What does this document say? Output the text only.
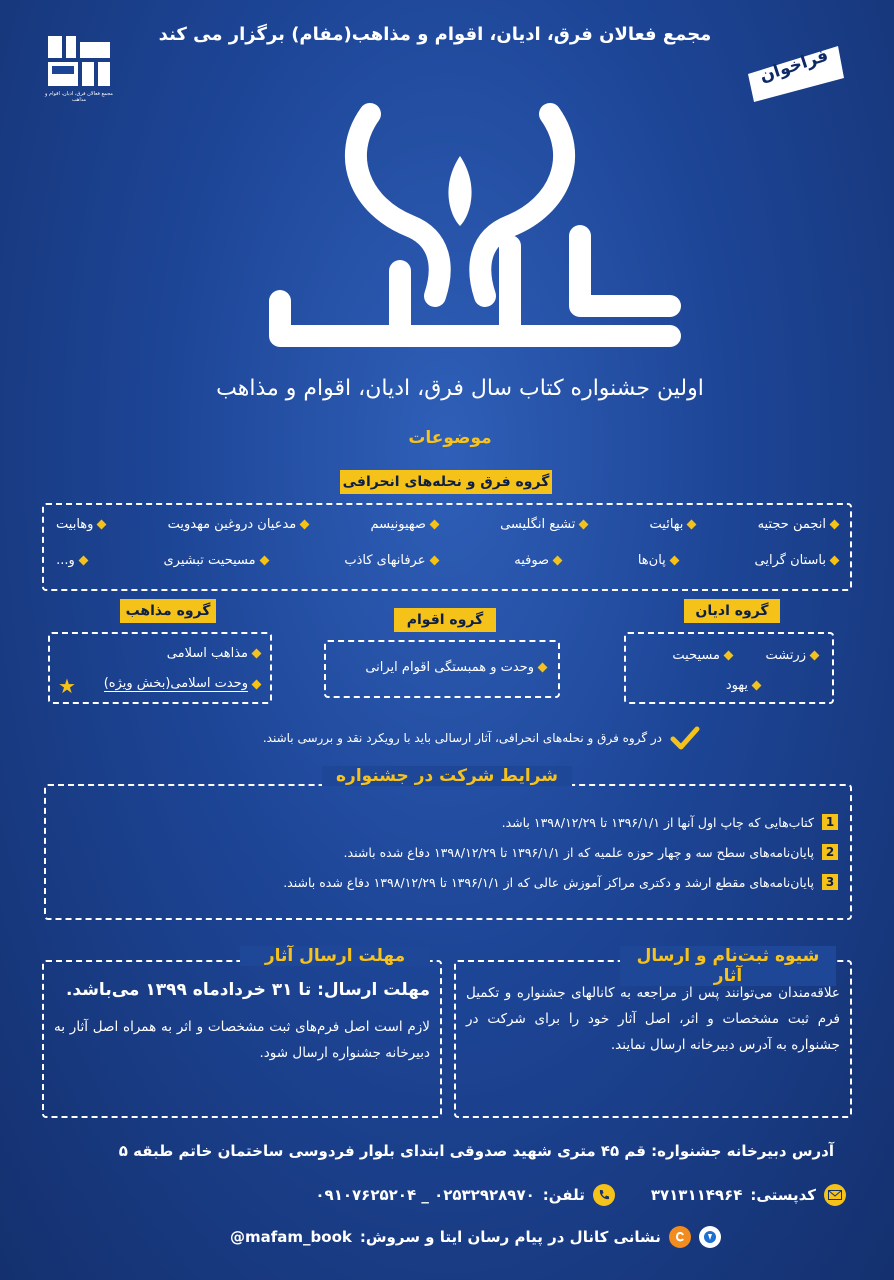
مجمع فعالان فرق، ادیان، اقوام و مذاهب
مجمع فعالان فرق، ادیان، اقوام و مذاهب(مفام) برگزار می کند
فراخوان
اولین جشنواره کتاب سال فرق، ادیان، اقوام و مذاهب
موضوعات
گروه فرق و نحله‌های انحرافی
انجمن حجتیه
بهائیت
تشیع انگلیسی
صهیونیسم
مدعیان دروغین مهدویت
وهابیت
باستان گرایی
پان‌ها
صوفیه
عرفانهای کاذب
مسیحیت تبشیری
و...
گروه ادیان
زرتشت
مسیحیت
یهود
گروه اقوام
وحدت و همبستگی اقوام ایرانی
گروه مذاهب
مذاهب اسلامی
وحدت اسلامی(بخش ویژه)
★
در گروه فرق و نحله‌های انحرافی، آثار ارسالی باید با رویکرد نقد و بررسی باشند.
شرایط شرکت در جشنواره
1
کتاب‌هایی که چاپ اول آنها از ۱۳۹۶/۱/۱ تا ۱۳۹۸/۱۲/۲۹ باشد.
2
پایان‌نامه‌های سطح سه و چهار حوزه علمیه که از ۱۳۹۶/۱/۱ تا ۱۳۹۸/۱۲/۲۹ دفاع شده باشند.
3
پایان‌نامه‌های مقطع ارشد و دکتری مراکز آموزش عالی که از ۱۳۹۶/۱/۱ تا ۱۳۹۸/۱۲/۲۹ دفاع شده باشند.
شیوه ثبت‌نام و ارسال آثار
علاقه‌مندان می‌توانند پس از مراجعه به کانالهای جشنواره و تکمیل فرم ثبت مشخصات و اثر، اصل آثار خود را برای شرکت در جشنواره به آدرس دبیرخانه ارسال نمایند.
مهلت ارسال آثار
مهلت ارسال: تا ۳۱ خردادماه ۱۳۹۹ می‌باشد.
لازم است اصل فرم‌های ثبت مشخصات و اثر به همراه اصل آثار به دبیرخانه جشنواره ارسال شود.
آدرس دبیرخانه جشنواره: قم ۴۵ متری شهید صدوقی ابتدای بلوار فردوسی ساختمان خاتم طبقه ۵
کدپستی:
۳۷۱۳۱۱۴۹۶۴
تلفن:
۰۲۵۳۲۹۲۸۹۷۰ _ ۰۹۱۰۷۶۲۵۲۰۴
نشانی کانال در پیام رسان ایتا و سروش:
@mafam_book
